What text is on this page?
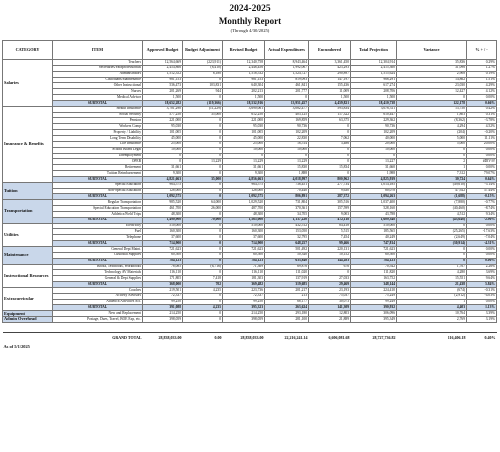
2024-2025
Monthly Report
(Through 4/30/2025)
CATEGORY	ITEM	Approved Budget	Budget Adjustment	Revised Budget	Actual Expenditures	Encumbered	Total Projection	Variance	% + / -
Salaries	Teachers	12,564,669	(223,911)	12,340,758	8,943,464	3,361,450	12,304,914	35,836	0.29%
	Secretaries/Paraprofessionals	2,454,866	(8,410)	2,446,456	1,992,067	423,293	2,415,360	31,096	1.27%
	Administrators	1,512,352	6,180	1,518,532	1,524,727	290,897	1,515,624	2,908	0.19%
	Custodians/Maintenance	981,153	0	981,153	819,093	147,197	966,291	14,862	1.51%
	Other Instructional	536,473	103,831	640,304	461,841	155,436	617,274	23,030	4.29%
	Nurses	201,269	944	202,213	201,777	11,009	208,706	12,427	4.12%
	Medical Advisor	1,500	0	1,500	0	1,500	1,500	0	0.00%
	SUBTOTAL	18,652,282	(119,366)	18,532,916	13,951,457	4,459,821	18,410,738	122,178	0.66%
Insurance & Benefits	Health Insurance	3,701,290	(11,229)	3,690,061	3,082,477	593,834	3,676,311	13,750	0.42%
	Social Security	577,250	35,000	612,250	403,125	117,322	610,447	1,803	0.31%
	Pension	221,000	0	221,000	169,859	63,375	229,362	(8,362)	-3.78%
	Workers Comp	95,030	0	95,030	90,736	0	90,736	4,294	4.52%
	Property / Liability	101,005	0	101,005	102,209	0	102,209	(204)	-0.20%
	Long Term Disability	45,000	0	45,000	22,830	7,062	40,000	5,000	11.11%
	Life Insurance	25,000	0	25,000	16,514	3,486	20,000	5,000	20.00%
	School Board Legal	10,000	0	10,000	10,000	0	10,000	0	0.00%
	Unemployment	0	0	0	0	0	0	0	0.00%
	OPEB	0	13,229	13,229	13,229	0	13,227	2	#DIV/0!
	Retirement	31,661	0	31,661	15,830	15,834	31,660	1	0.00%
	Tuition Reimbursement	9,300	0	9,300	1,888	0	1,988	7,312	79.07%
	SUBTOTAL	4,821,663	35,000	4,856,663	4,018,997	800,962	4,825,939	30,724	0.64%
Tuition	Special Education	964,575	0	964,575	736,451	277,734	1,014,185	(49,610)	-5.14%
	Non-Special Education	128,000	0	128,000	70,440	9,630	80,078	47,922	37.44%
	SUBTOTAL	1,092,575	0	1,092,575	806,891	287,372	1,094,263	(1,688)	-0.15%
Transportation	Regular Transportation	985,520	64,000	1,029,520	731,804	305,516	1,037,400	(7,880)	-0.77%
	Special Education Transportation	461,700	26,000	487,700	370,361	157,599	528,160	(40,460)	-8.74%
	Athletics/Field Trips	48,300	0	48,300	34,705	9,003	43,788	4,512	9.34%
	SUBTOTAL	1,490,900	70,000	1,565,000	1,137,220	472,118	1,609,348	(43,648)	-2.90%
Utilities	Electricity	510,000	0	510,000	432,512	84,418	510,000	0	0.00%
	Fuel	160,300	0	160,300	153,050	5,515	185,565	(25,265)	-17.63%
	Telephone	37,600	0	37,600	32,795	7,454	40,249	(2,649)	-7.04%
	SUBTOTAL	714,900	0	714,900	648,257	99,466	747,814	(30,914)	-4.31%
Maintenance	General Dept Maint.	721,623	0	721,623	501,492	220,131	721,623	0	0.00%
	Custodial Supplies	60,500	0	60,500	50,340	10,152	60,500	0	0.00%
	SUBTOTAL	784,123	0	784,123	633,840	144,283	784,123	0	0.00%
Instructional Resources	Books, Textbooks, Workbooks	78,085	(6,716)	71,369	69,876	676	70,542	1,767	2.26%
	Technology AV Materials	116,110	0	116,110	111,020	0	111,820	4,280	3.69%
	General & Dept Supplies	171,805	7,418	181,303	137,919	27,033	163,752	15,551	9.64%
	SUBTOTAL	368,000	702	369,482	319,685	29,469	348,144	21,438	5.84%
Extracurricular	Coaches	219,501	4,235	223,736	201,217	23,193	224,410	(674)	-0.31%
	Activity Advisors	72,337	0	72,337	213	75,037	75,249	(2,912)	-4.03%
	Athletics/Activities Act.	99,250	0	99,250	68,177	30,073	99,249	1	0.00%
	SUBTOTAL	391,088	4,235	395,323	263,624	141,309	390,932	4,403	1.13%
Equipment	New and Replacement	214,250	0	214,250	293,180	12,803	306,096	10,764	3.39%
Admin Overhead	Postage, Dues, Travel, BOE Exp, etc.	398,059	0	398,059	281,100	21,889	395,349	2,769	3.19%

	GRAND TOTAL	28,838,033.00	0.00	28,838,033.00	22,216,241.14	6,606,081.68	28,727,736.82	116,406.18	0.40%
As of 5/1/2025									
